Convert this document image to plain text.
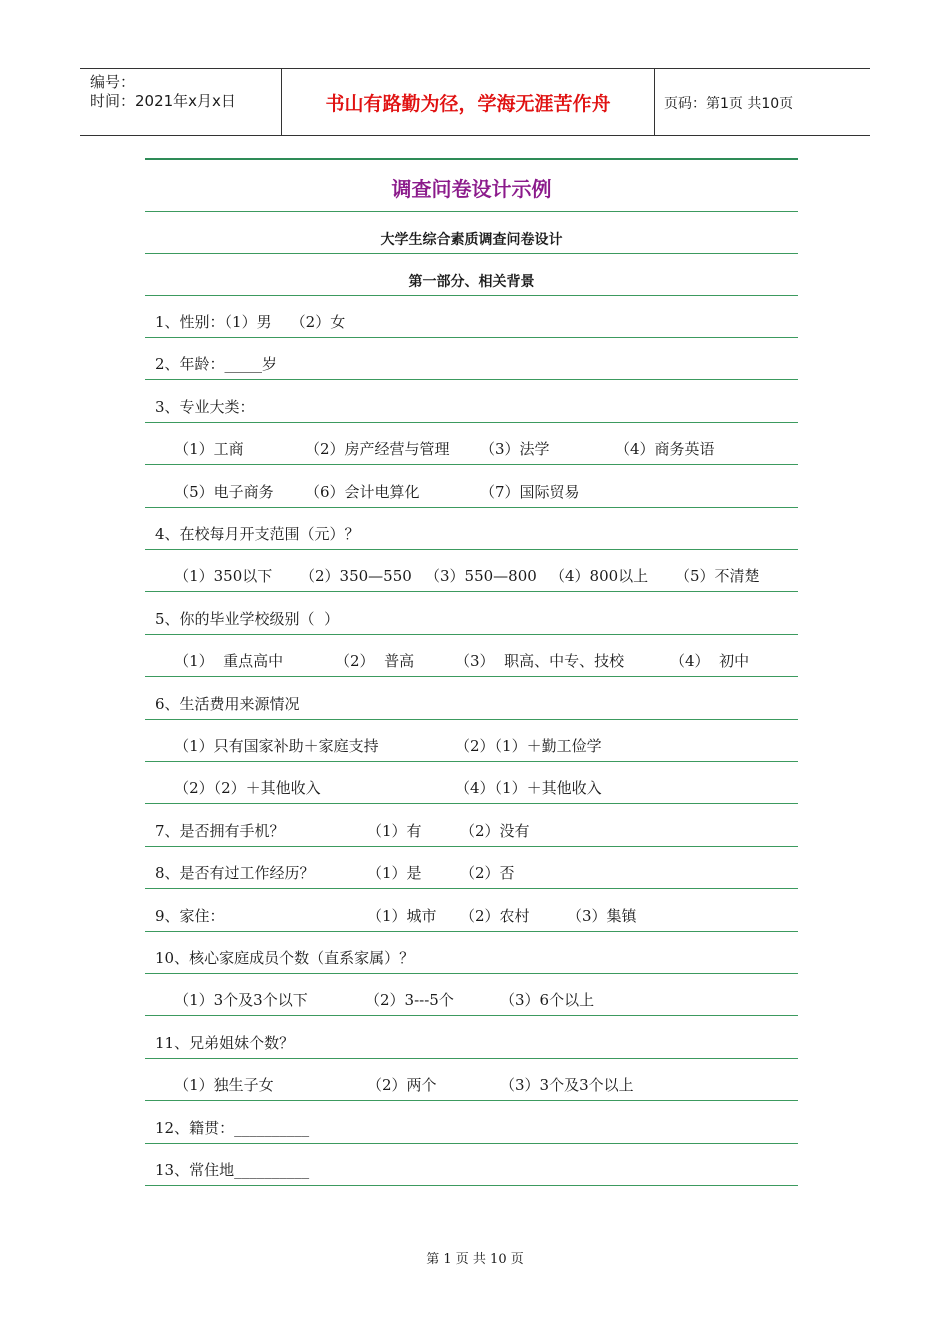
编号：
时间：2021年x月x日	书山有路勤为径，学海无涯苦作舟	页码：第1页 共10页
调查问卷设计示例
大学生综合素质调查问卷设计
第一部分、相关背景
1、性别：（1）男    （2）女
2、年龄：_____岁
3、专业大类：
（1）工商	（2）房产经营与管理 （3）法学	（4）商务英语
（5）电子商务 （6）会计电算化	（7）国际贸易
4、在校每月开支范围（元）？
（1）350以下 （2）350—550 （3）550—800 （4）800以上 （5）不清楚
5、你的毕业学校级别（  ）
（1）  重点高中	（2）  普高	（3）  职高、中专、技校	（4）  初中
6、生活费用来源情况
（1）只有国家补助＋家庭支持	（2）（1）＋勤工俭学
（2）（2）＋其他收入	（4）（1）＋其他收入
7、是否拥有手机？	（1）有	（2）没有
8、是否有过工作经历？	（1）是	（2）否
9、家住：	（1）城市 （2）农村 （3）集镇
10、核心家庭成员个数（直系家属）？
（1）3个及3个以下	（2）3---5个	（3）6个以上
11、兄弟姐妹个数？
（1）独生子女	（2）两个	（3）3个及3个以上
12、籍贯：__________
13、常住地__________
第 1 页 共 10 页
